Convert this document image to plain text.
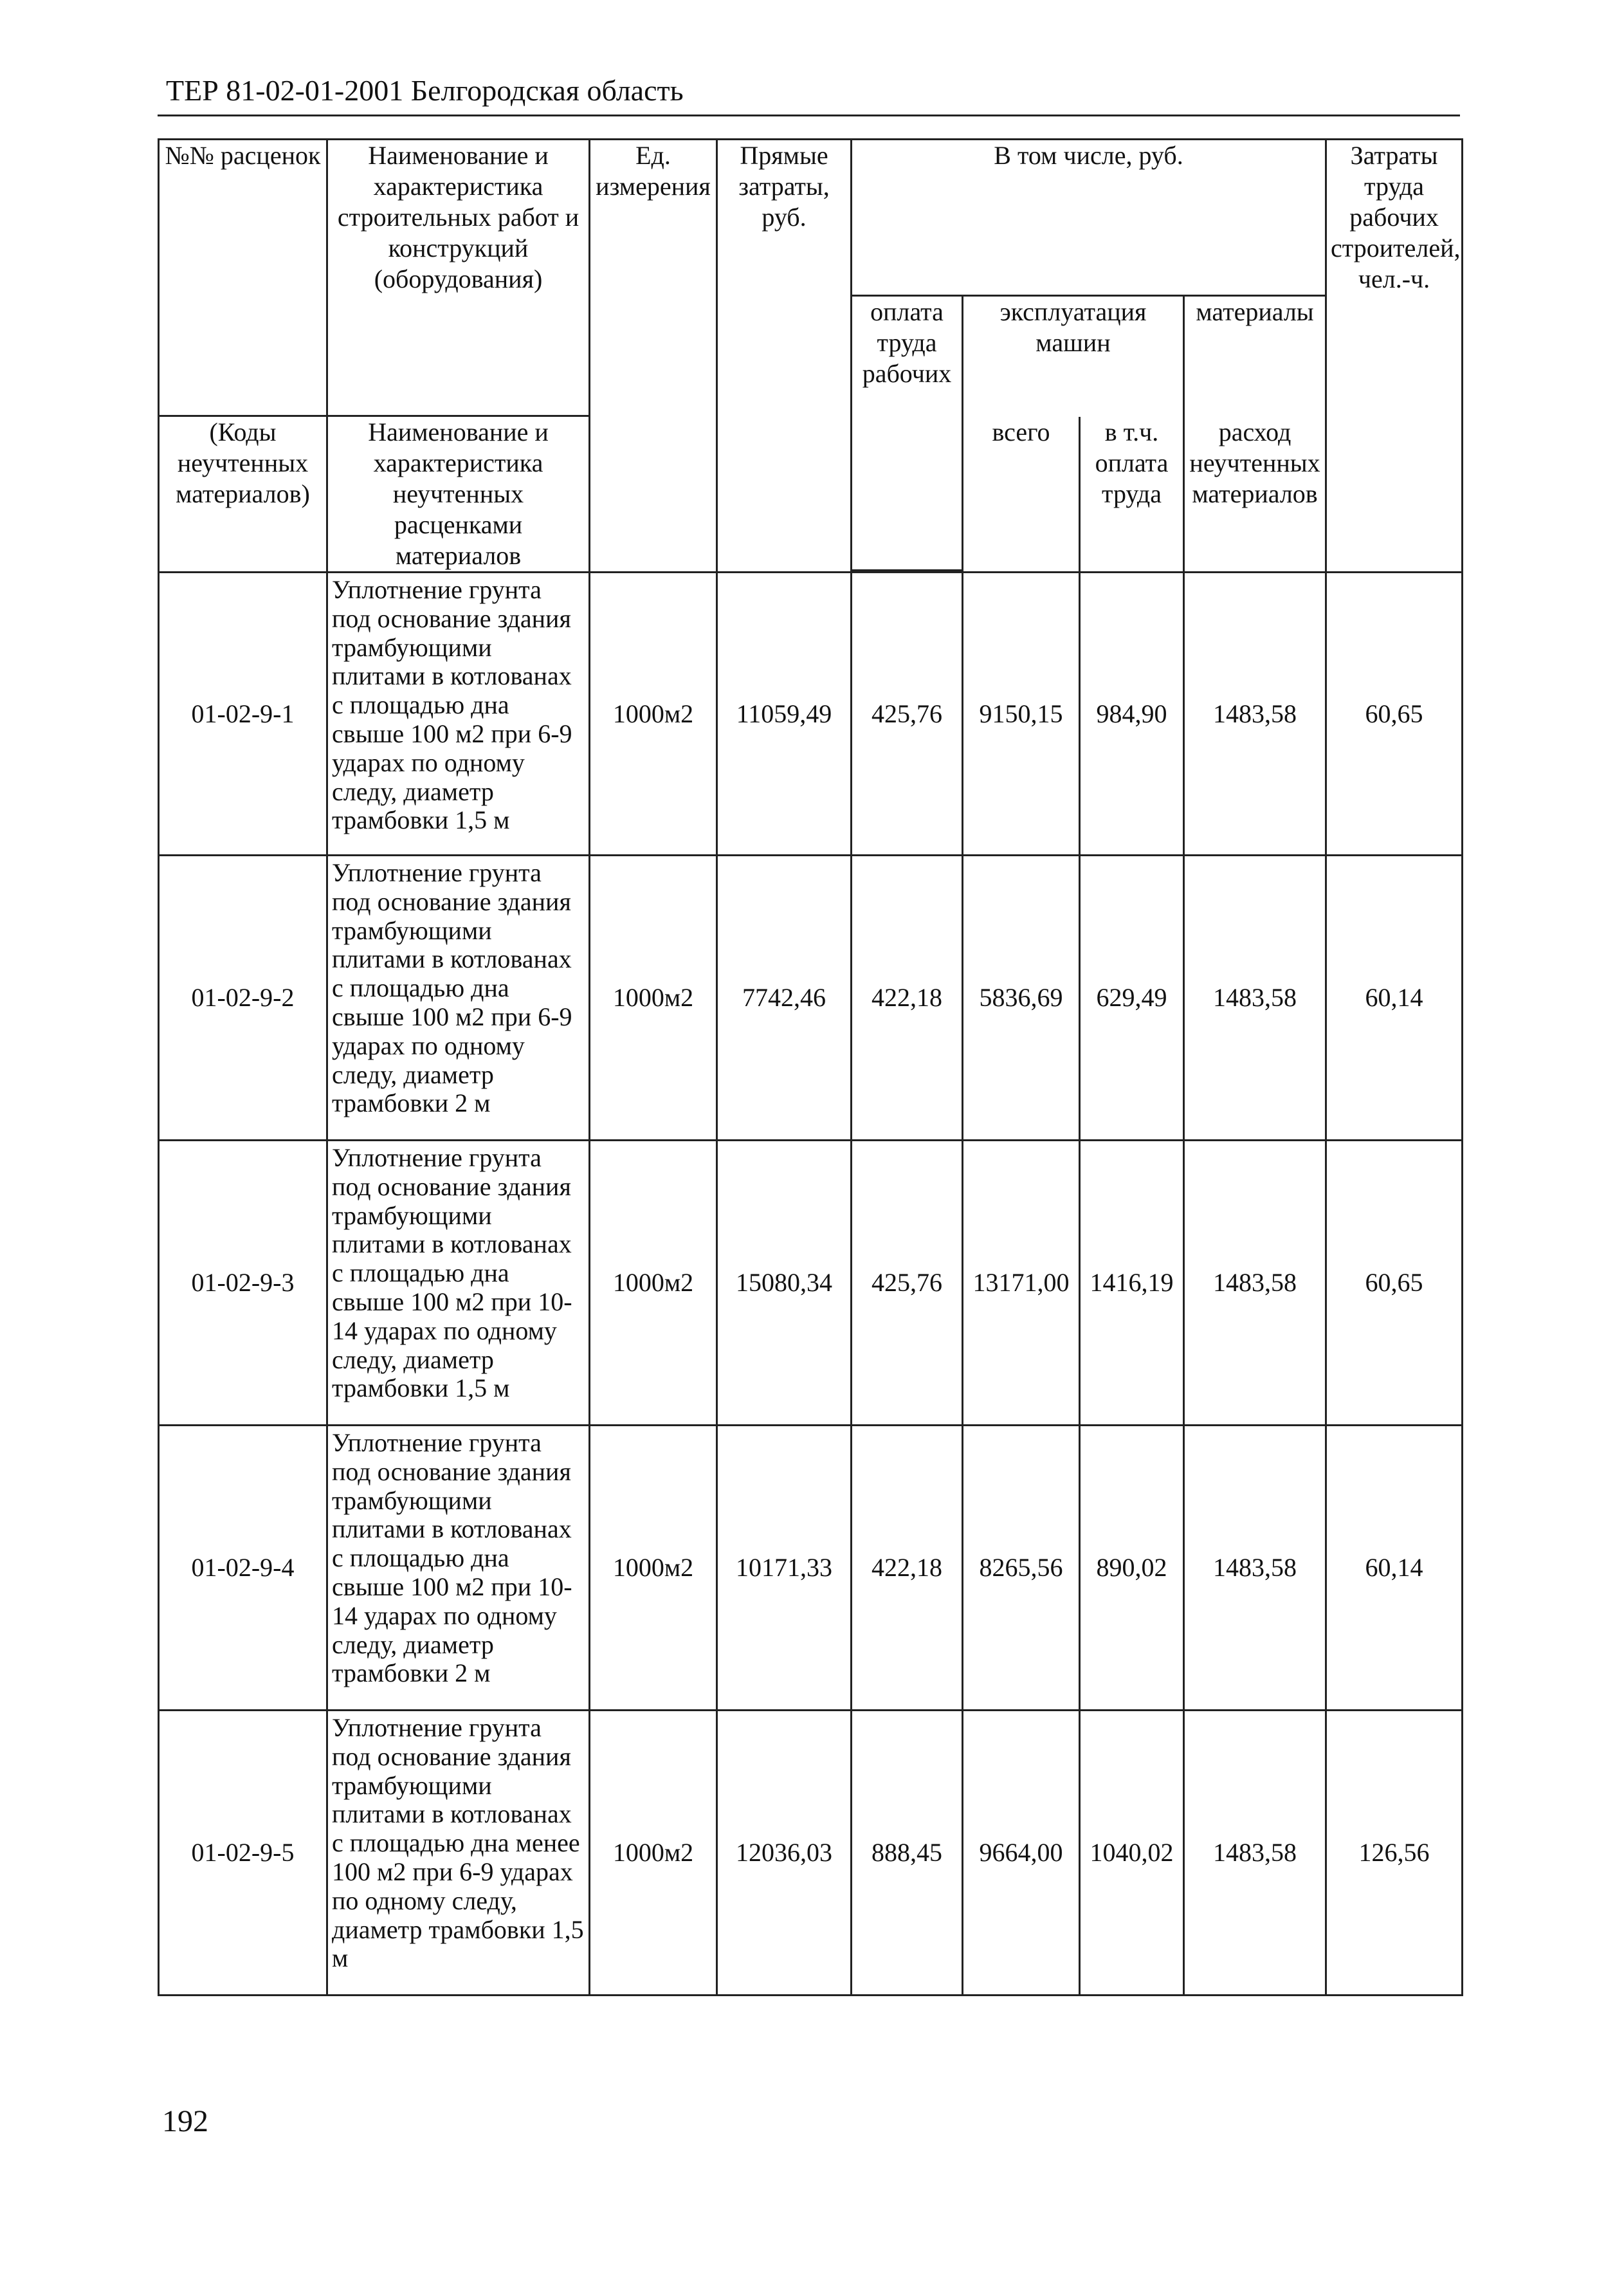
ТЕР 81-02-01-2001 Белгородская область
№№ расценок	Наименование и характеристика строительных работ и конструкций (оборудования)	Ед. измерения	Прямые затраты, руб.	В том числе, руб.				Затраты труда рабочих строителей, чел.-ч.
				оплата труда рабочих	эксплуатация машин		материалы	
(Коды неучтенных материалов)	Наименование и характеристика неучтенных расценками материалов				всего	в т.ч. оплата труда	расход неучтенных материалов	

01-02-9-1	Уплотнение грунта под основание здания трамбующими плитами в котлованах с площадью дна свыше 100 м2 при 6-9 ударах по одному следу, диаметр трамбовки 1,5 м	1000м2	11059,49	425,76	9150,15	984,90	1483,58	60,65
01-02-9-2	Уплотнение грунта под основание здания трамбующими плитами в котлованах с площадью дна свыше 100 м2 при 6-9 ударах по одному следу, диаметр трамбовки 2 м	1000м2	7742,46	422,18	5836,69	629,49	1483,58	60,14
01-02-9-3	Уплотнение грунта под основание здания трамбующими плитами в котлованах с площадью дна свыше 100 м2 при 10-14 ударах по одному следу, диаметр трамбовки 1,5 м	1000м2	15080,34	425,76	13171,00	1416,19	1483,58	60,65
01-02-9-4	Уплотнение грунта под основание здания трамбующими плитами в котлованах с площадью дна свыше 100 м2 при 10-14 ударах по одному следу, диаметр трамбовки 2 м	1000м2	10171,33	422,18	8265,56	890,02	1483,58	60,14
01-02-9-5	Уплотнение грунта под основание здания трамбующими плитами в котлованах с площадью дна менее 100 м2 при 6-9 ударах по одному следу, диаметр трамбовки 1,5 м	1000м2	12036,03	888,45	9664,00	1040,02	1483,58	126,56
192
